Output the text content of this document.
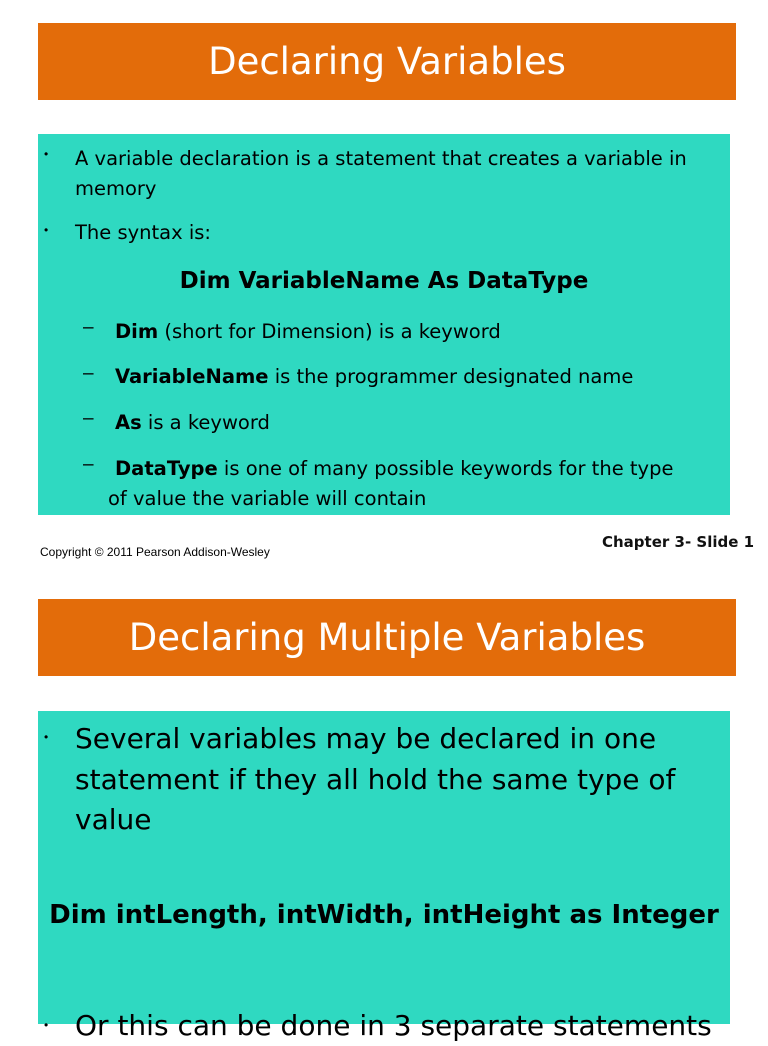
Declaring Variables
• A variable declaration is a statement that creates a variable in memory
• The syntax is:
Dim VariableName As DataType
– Dim (short for Dimension) is a keyword
– VariableName is the programmer designated name
– As is a keyword
– DataType is one of many possible keywords for the type
of value the variable will contain
Copyright © 2011 Pearson Addison-Wesley
Chapter 3- Slide 1
Declaring Multiple Variables
• Several variables may be declared in one
statement if they all hold the same type of
value
Dim intLength, intWidth, intHeight as Integer
• Or this can be done in 3 separate statements
